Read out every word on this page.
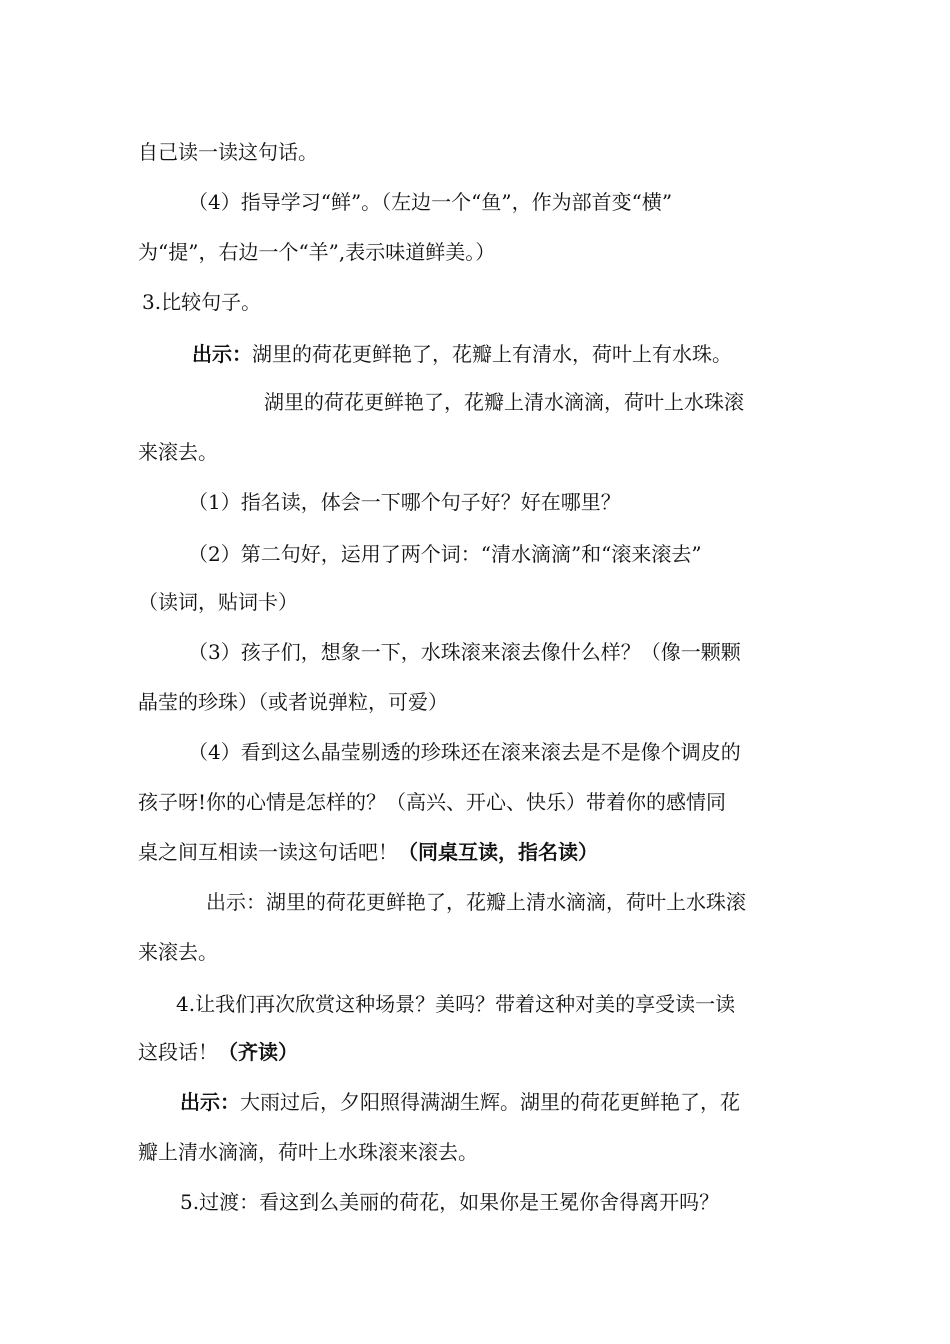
自己读一读这句话。
（4）指导学习“鲜”。（左边一个“鱼”，作为部首变“横”
为“提”，右边一个“羊”,表示味道鲜美。）
3.比较句子。
出示：湖里的荷花更鲜艳了，花瓣上有清水，荷叶上有水珠。
湖里的荷花更鲜艳了，花瓣上清水滴滴，荷叶上水珠滚
来滚去。
（1）指名读，体会一下哪个句子好？好在哪里？
（2）第二句好，运用了两个词：“清水滴滴”和“滚来滚去”
（读词，贴词卡）
（3）孩子们，想象一下，水珠滚来滚去像什么样？（像一颗颗
晶莹的珍珠）（或者说弹粒，可爱）
（4）看到这么晶莹剔透的珍珠还在滚来滚去是不是像个调皮的
孩子呀!你的心情是怎样的？（高兴、开心、快乐）带着你的感情同
桌之间互相读一读这句话吧！（同桌互读，指名读）
出示：湖里的荷花更鲜艳了，花瓣上清水滴滴，荷叶上水珠滚
来滚去。
4.让我们再次欣赏这种场景？美吗？带着这种对美的享受读一读
这段话！（齐读）
出示：大雨过后，夕阳照得满湖生辉。湖里的荷花更鲜艳了，花
瓣上清水滴滴，荷叶上水珠滚来滚去。
5.过渡：看这到么美丽的荷花，如果你是王冕你舍得离开吗？
